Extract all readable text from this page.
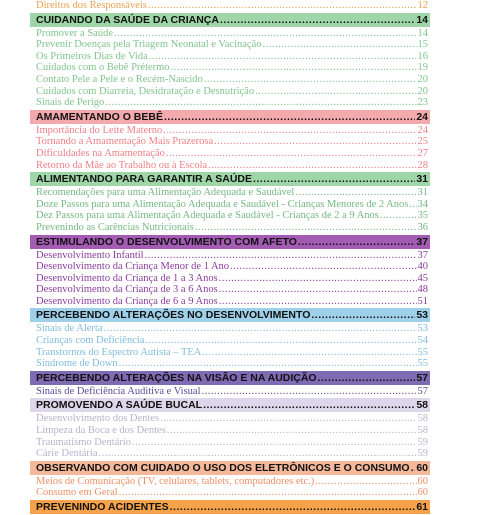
Direitos dos Responsáveis .....	12
CUIDANDO DA SAÚDE DA CRIANÇA .....	14
Promover a Saúde .....	14
Prevenir Doenças pela Triagem Neonatal e Vacinação .....	15
Os Primeiros Dias de Vida .....	16
Cuidados com o Bebê Prétermo .....	19
Contato Pele a Pele e o Recém-Nascido .....	20
Cuidados com Diarreia, Desidratação e Desnutrição .....	20
Sinais de Perigo .....	23
AMAMENTANDO O BEBÊ .....	24
Importância do Leite Materno .....	24
Tornando a Amamentação Mais Prazerosa .....	25
Dificuldades na Amamentação .....	27
Retorno da Mãe ao Trabalho ou à Escola .....	28
ALIMENTANDO PARA GARANTIR A SAÚDE .....	31
Recomendações para uma Alimentação Adequada e Saudável .....	31
Doze Passos para uma Alimentação Adequada e Saudável - Crianças Menores de 2 Anos ..... 34
Dez Passos para uma Alimentação Adequada e Saudável - Crianças de 2 a 9 Anos .....	35
Prevenindo as Carências Nutricionais .....	36
ESTIMULANDO O DESENVOLVIMENTO COM AFETO .....	37
Desenvolvimento Infantil .....	37
Desenvolvimento da Criança Menor de 1 Ano .....	40
Desenvolvimento da Criança de 1 a 3 Anos .....	45
Desenvolvimento da Criança de 3 a 6 Anos .....	48
Desenvolvimento da Criança de 6 a 9 Anos .....	51
PERCEBENDO ALTERAÇÕES NO DESENVOLVIMENTO .....	53
Sinais de Alerta .....	53
Crianças com Deficiência .....	54
Transtornos do Espectro Autista – TEA .....	55
Síndrome de Down .....	55
PERCEBENDO ALTERAÇÕES NA VISÃO E NA AUDIÇÃO .....	57
Sinais de Deficiência Auditiva e Visual .....	57
PROMOVENDO A SAÚDE BUCAL .....	58
Desenvolvimento dos Dentes .....	58
Limpeza da Boca e dos Dentes .....	58
Traumatismo Dentário .....	59
Cárie Dentária .....	59
OBSERVANDO COM CUIDADO O USO DOS ELETRÔNICOS E O CONSUMO ..... 60
Meios de Comunicação (TV, celulares, tablets, computadores etc.) .....	60
Consumo em Geral .....	60
PREVENINDO ACIDENTES .....	61
